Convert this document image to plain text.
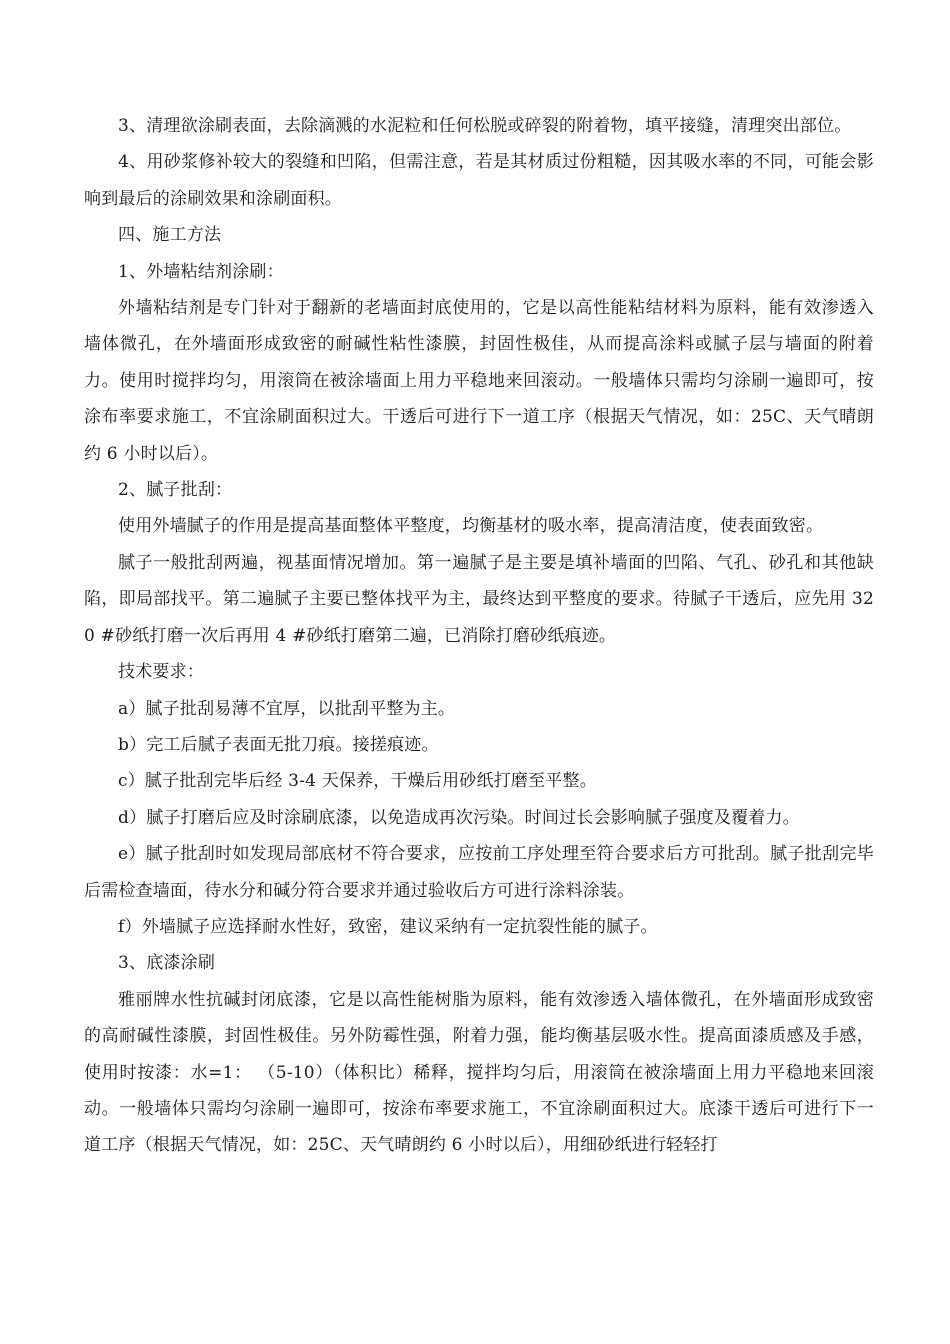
3、清理欲涂刷表面，去除滴溅的水泥粒和任何松脱或碎裂的附着物，填平接缝，清理突出部位。

4、用砂浆修补较大的裂缝和凹陷，但需注意，若是其材质过份粗糙，因其吸水率的不同，可能会影响到最后的涂刷效果和涂刷面积。

四、施工方法

1、外墙粘结剂涂刷：

外墙粘结剂是专门针对于翻新的老墙面封底使用的，它是以高性能粘结材料为原料，能有效渗透入墙体微孔，在外墙面形成致密的耐碱性粘性漆膜，封固性极佳，从而提高涂料或腻子层与墙面的附着力。使用时搅拌均匀，用滚筒在被涂墙面上用力平稳地来回滚动。一般墙体只需均匀涂刷一遍即可，按涂布率要求施工，不宜涂刷面积过大。干透后可进行下一道工序（根据天气情况，如：25C、天气晴朗约 6 小时以后）。

2、腻子批刮：

使用外墙腻子的作用是提高基面整体平整度，均衡基材的吸水率，提高清洁度，使表面致密。

腻子一般批刮两遍，视基面情况增加。第一遍腻子是主要是填补墙面的凹陷、气孔、砂孔和其他缺陷，即局部找平。第二遍腻子主要已整体找平为主，最终达到平整度的要求。待腻子干透后，应先用 320 #砂纸打磨一次后再用 4 #砂纸打磨第二遍，已消除打磨砂纸痕迹。

技术要求：

a）腻子批刮易薄不宜厚，以批刮平整为主。

b）完工后腻子表面无批刀痕。接搓痕迹。

c）腻子批刮完毕后经 3-4 天保养，干燥后用砂纸打磨至平整。

d）腻子打磨后应及时涂刷底漆，以免造成再次污染。时间过长会影响腻子强度及覆着力。

e）腻子批刮时如发现局部底材不符合要求，应按前工序处理至符合要求后方可批刮。腻子批刮完毕后需检查墙面，待水分和碱分符合要求并通过验收后方可进行涂料涂装。

f）外墙腻子应选择耐水性好，致密，建议采纳有一定抗裂性能的腻子。

3、底漆涂刷

雅丽牌水性抗碱封闭底漆，它是以高性能树脂为原料，能有效渗透入墙体微孔，在外墙面形成致密的高耐碱性漆膜，封固性极佳。另外防霉性强，附着力强，能均衡基层吸水性。提高面漆质感及手感，使用时按漆：水=1： （5-10）（体积比）稀释，搅拌均匀后，用滚筒在被涂墙面上用力平稳地来回滚动。一般墙体只需均匀涂刷一遍即可，按涂布率要求施工，不宜涂刷面积过大。底漆干透后可进行下一道工序（根据天气情况，如：25C、天气晴朗约 6 小时以后），用细砂纸进行轻轻打
